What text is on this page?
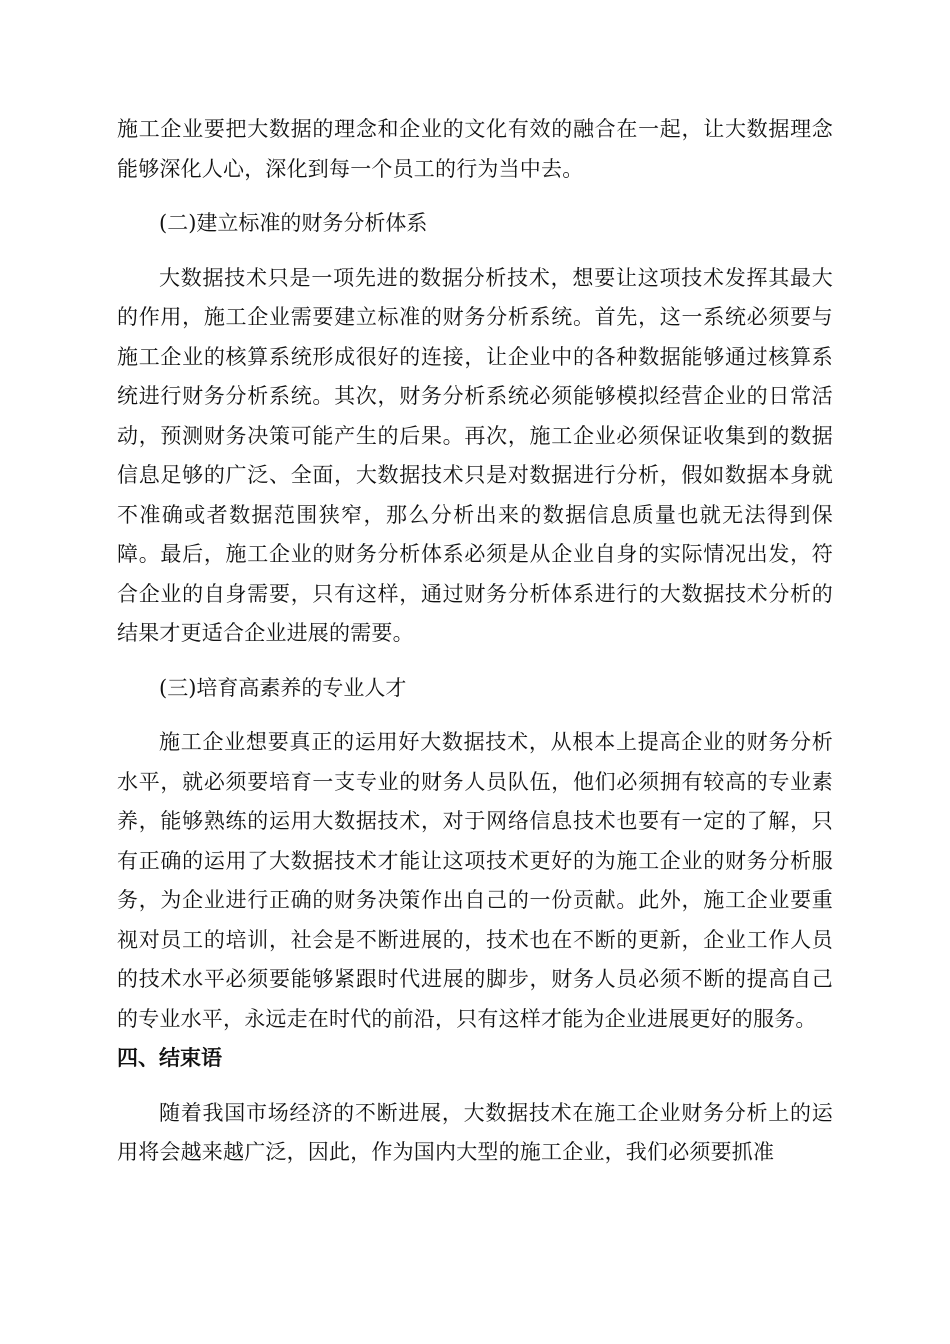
施工企业要把大数据的理念和企业的文化有效的融合在一起，让大数据理念能够深化人心，深化到每一个员工的行为当中去。

(二)建立标准的财务分析体系

大数据技术只是一项先进的数据分析技术，想要让这项技术发挥其最大的作用，施工企业需要建立标准的财务分析系统。首先，这一系统必须要与施工企业的核算系统形成很好的连接，让企业中的各种数据能够通过核算系统进行财务分析系统。其次，财务分析系统必须能够模拟经营企业的日常活动，预测财务决策可能产生的后果。再次，施工企业必须保证收集到的数据信息足够的广泛、全面，大数据技术只是对数据进行分析，假如数据本身就不准确或者数据范围狭窄，那么分析出来的数据信息质量也就无法得到保障。最后，施工企业的财务分析体系必须是从企业自身的实际情况出发，符合企业的自身需要，只有这样，通过财务分析体系进行的大数据技术分析的结果才更适合企业进展的需要。

(三)培育高素养的专业人才

施工企业想要真正的运用好大数据技术，从根本上提高企业的财务分析水平，就必须要培育一支专业的财务人员队伍，他们必须拥有较高的专业素养，能够熟练的运用大数据技术，对于网络信息技术也要有一定的了解，只有正确的运用了大数据技术才能让这项技术更好的为施工企业的财务分析服务，为企业进行正确的财务决策作出自己的一份贡献。此外，施工企业要重视对员工的培训，社会是不断进展的，技术也在不断的更新，企业工作人员的技术水平必须要能够紧跟时代进展的脚步，财务人员必须不断的提高自己的专业水平，永远走在时代的前沿，只有这样才能为企业进展更好的服务。

四、结束语

随着我国市场经济的不断进展，大数据技术在施工企业财务分析上的运用将会越来越广泛，因此，作为国内大型的施工企业，我们必须要抓准
